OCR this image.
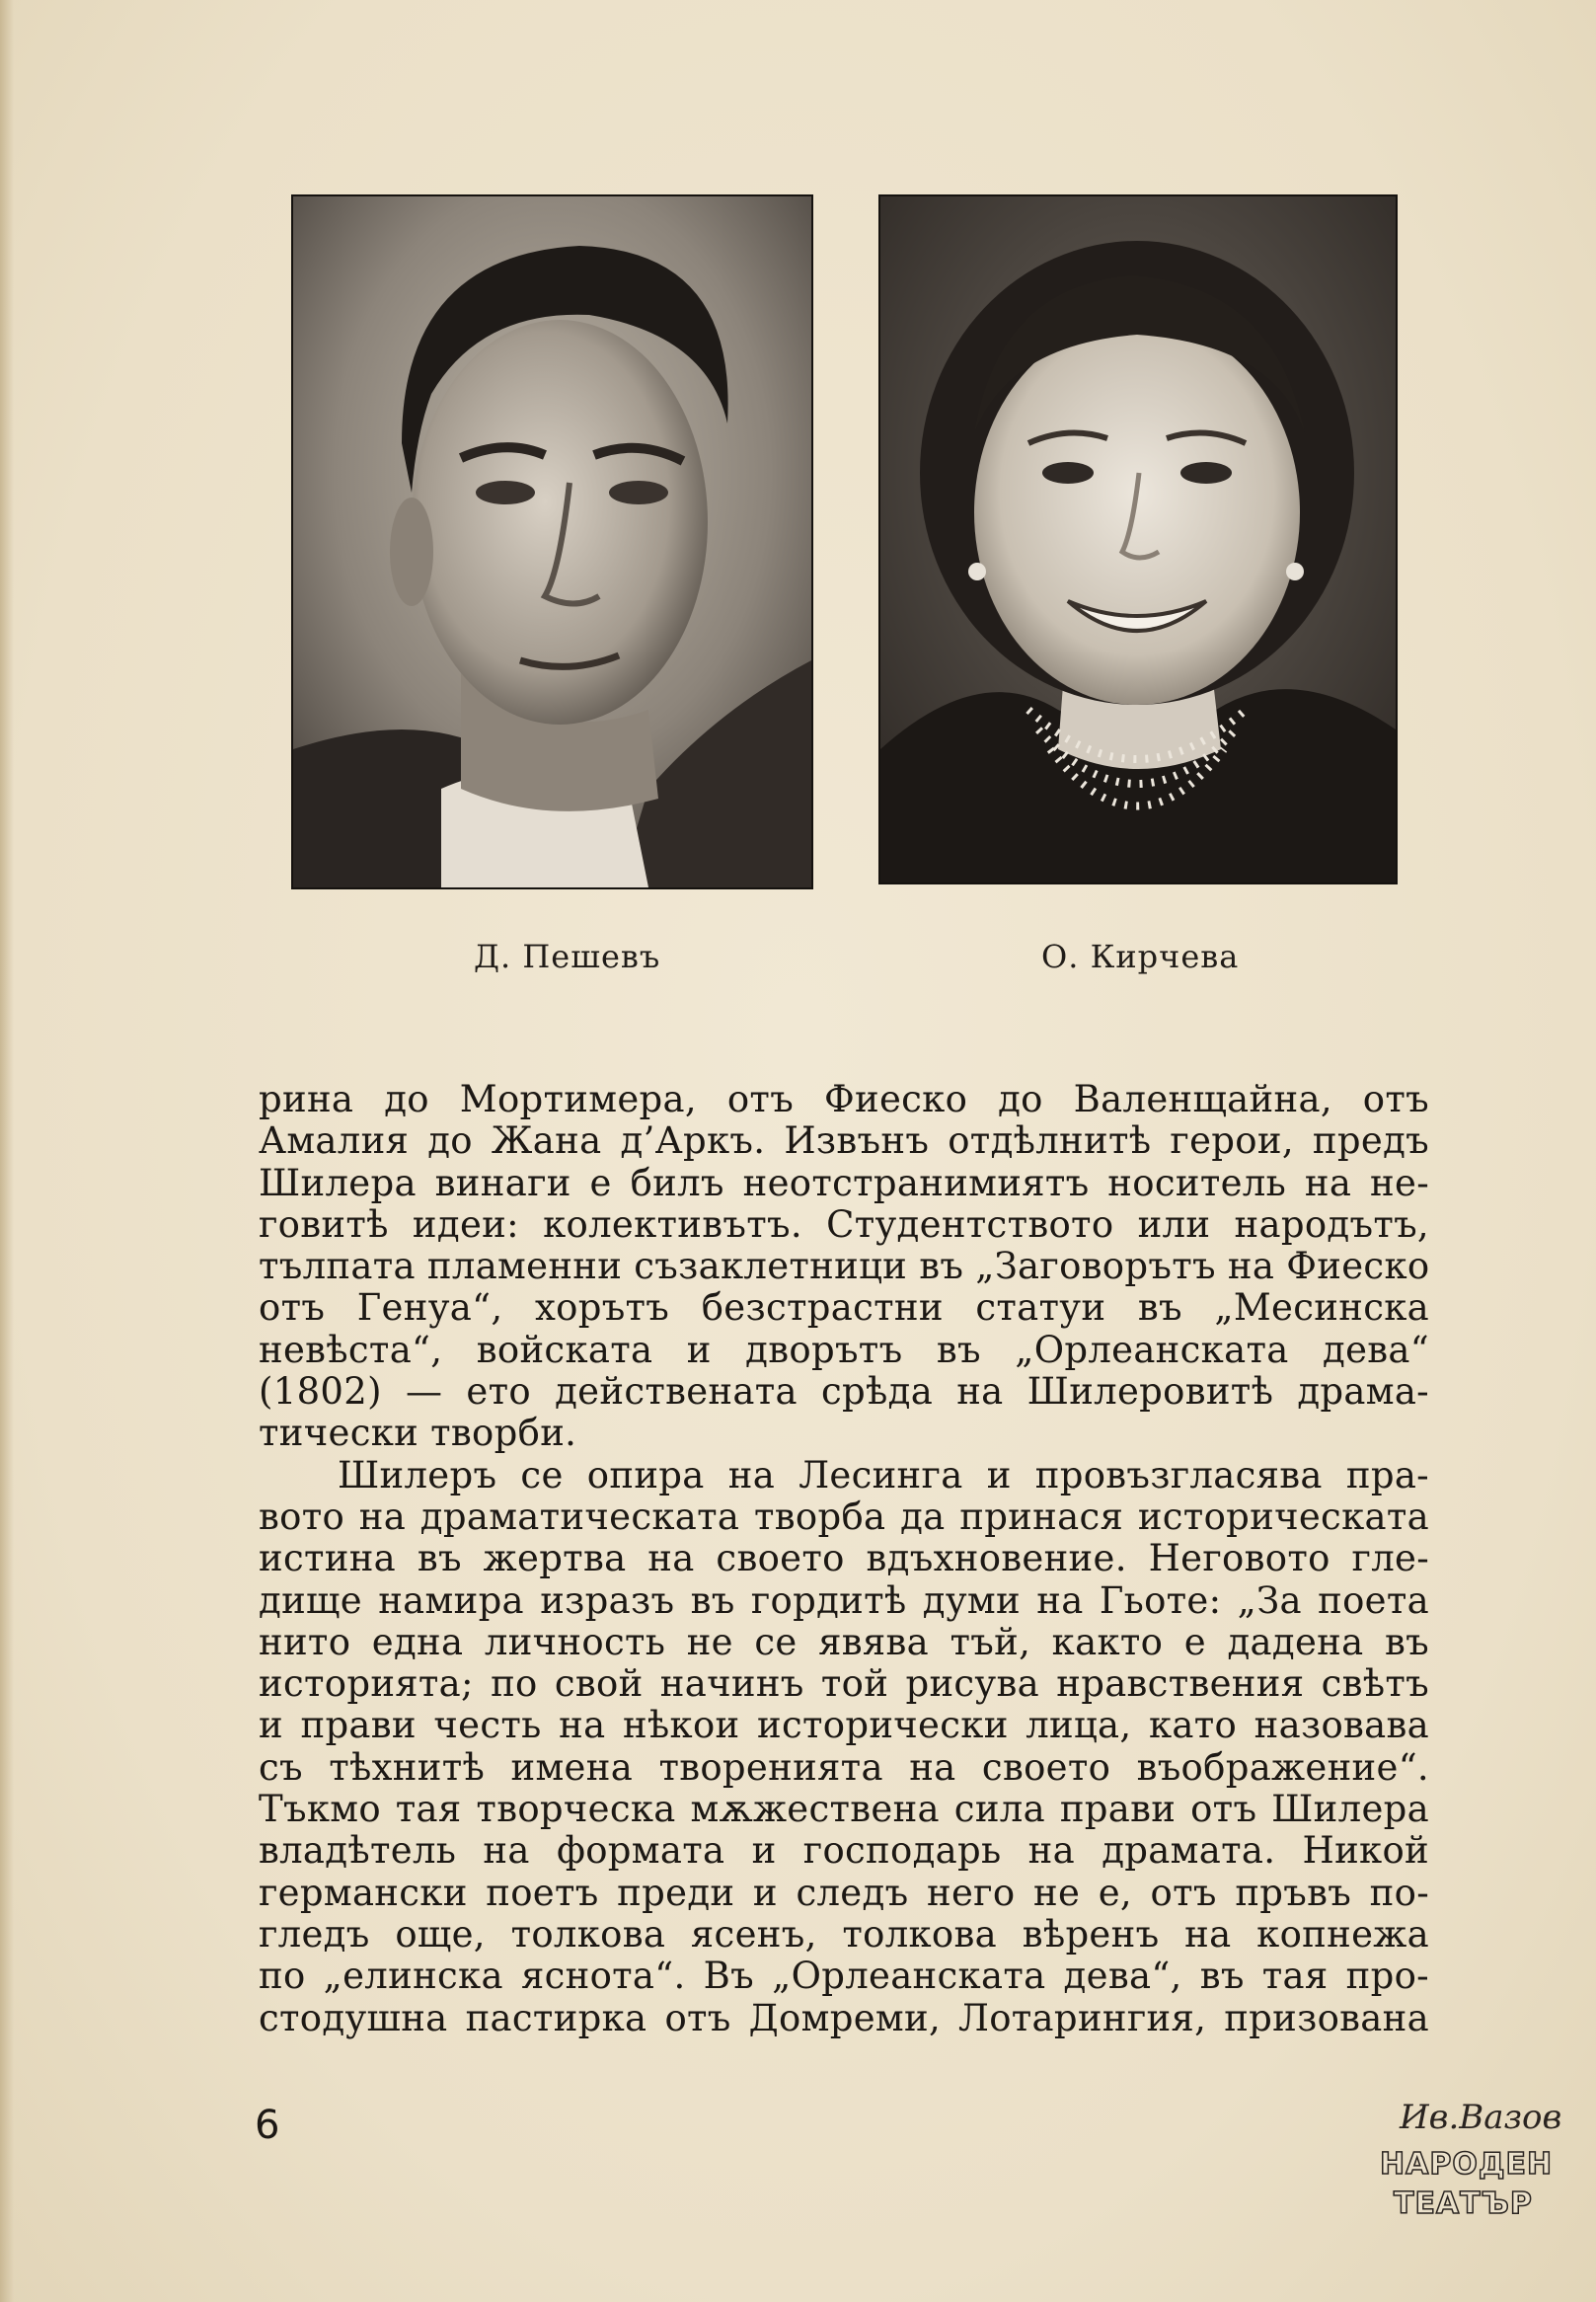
Д. Пешевъ	О. Кирчева
рина до Мортимера, отъ Фиеско до Валенщайна, отъ
Амалия до Жана д’Аркъ. Извънъ отдѣлнитѣ герои, предъ
Шилера винаги е билъ неотстранимиятъ носитель на не-
говитѣ идеи: колективътъ. Студентството или народътъ,
тълпата пламенни съзаклетници въ „Заговорътъ на Фиеско
отъ Генуа“, хорътъ безстрастни статуи въ „Месинска
невѣста“, войската и дворътъ въ „Орлеанската дева“
(1802) — ето действената срѣда на Шилеровитѣ драма-
тически творби.
Шилеръ се опира на Лесинга и провъзгласява пра-
вото на драматическата творба да принася историческата
истина въ жертва на своето вдъхновение. Неговото гле-
дище намира изразъ въ гордитѣ думи на Гьоте: „За поета
нито една личность не се явява тъй, както е дадена въ
историята; по свой начинъ той рисува нравствения свѣтъ
и прави честь на нѣкои исторически лица, като назовава
съ тѣхнитѣ имена творенията на своето въображение“.
Тъкмо тая творческа мѫжествена сила прави отъ Шилера
владѣтель на формата и господарь на драмата. Никой
германски поетъ преди и следъ него не е, отъ пръвъ по-
гледъ още, толкова ясенъ, толкова вѣренъ на копнежа
по „елинска яснота“. Въ „Орлеанската дева“, въ тая про-
стодушна пастирка отъ Домреми, Лотарингия, призована
6	Ив.Вазов
НАРОДЕН
ТЕАТЪР
